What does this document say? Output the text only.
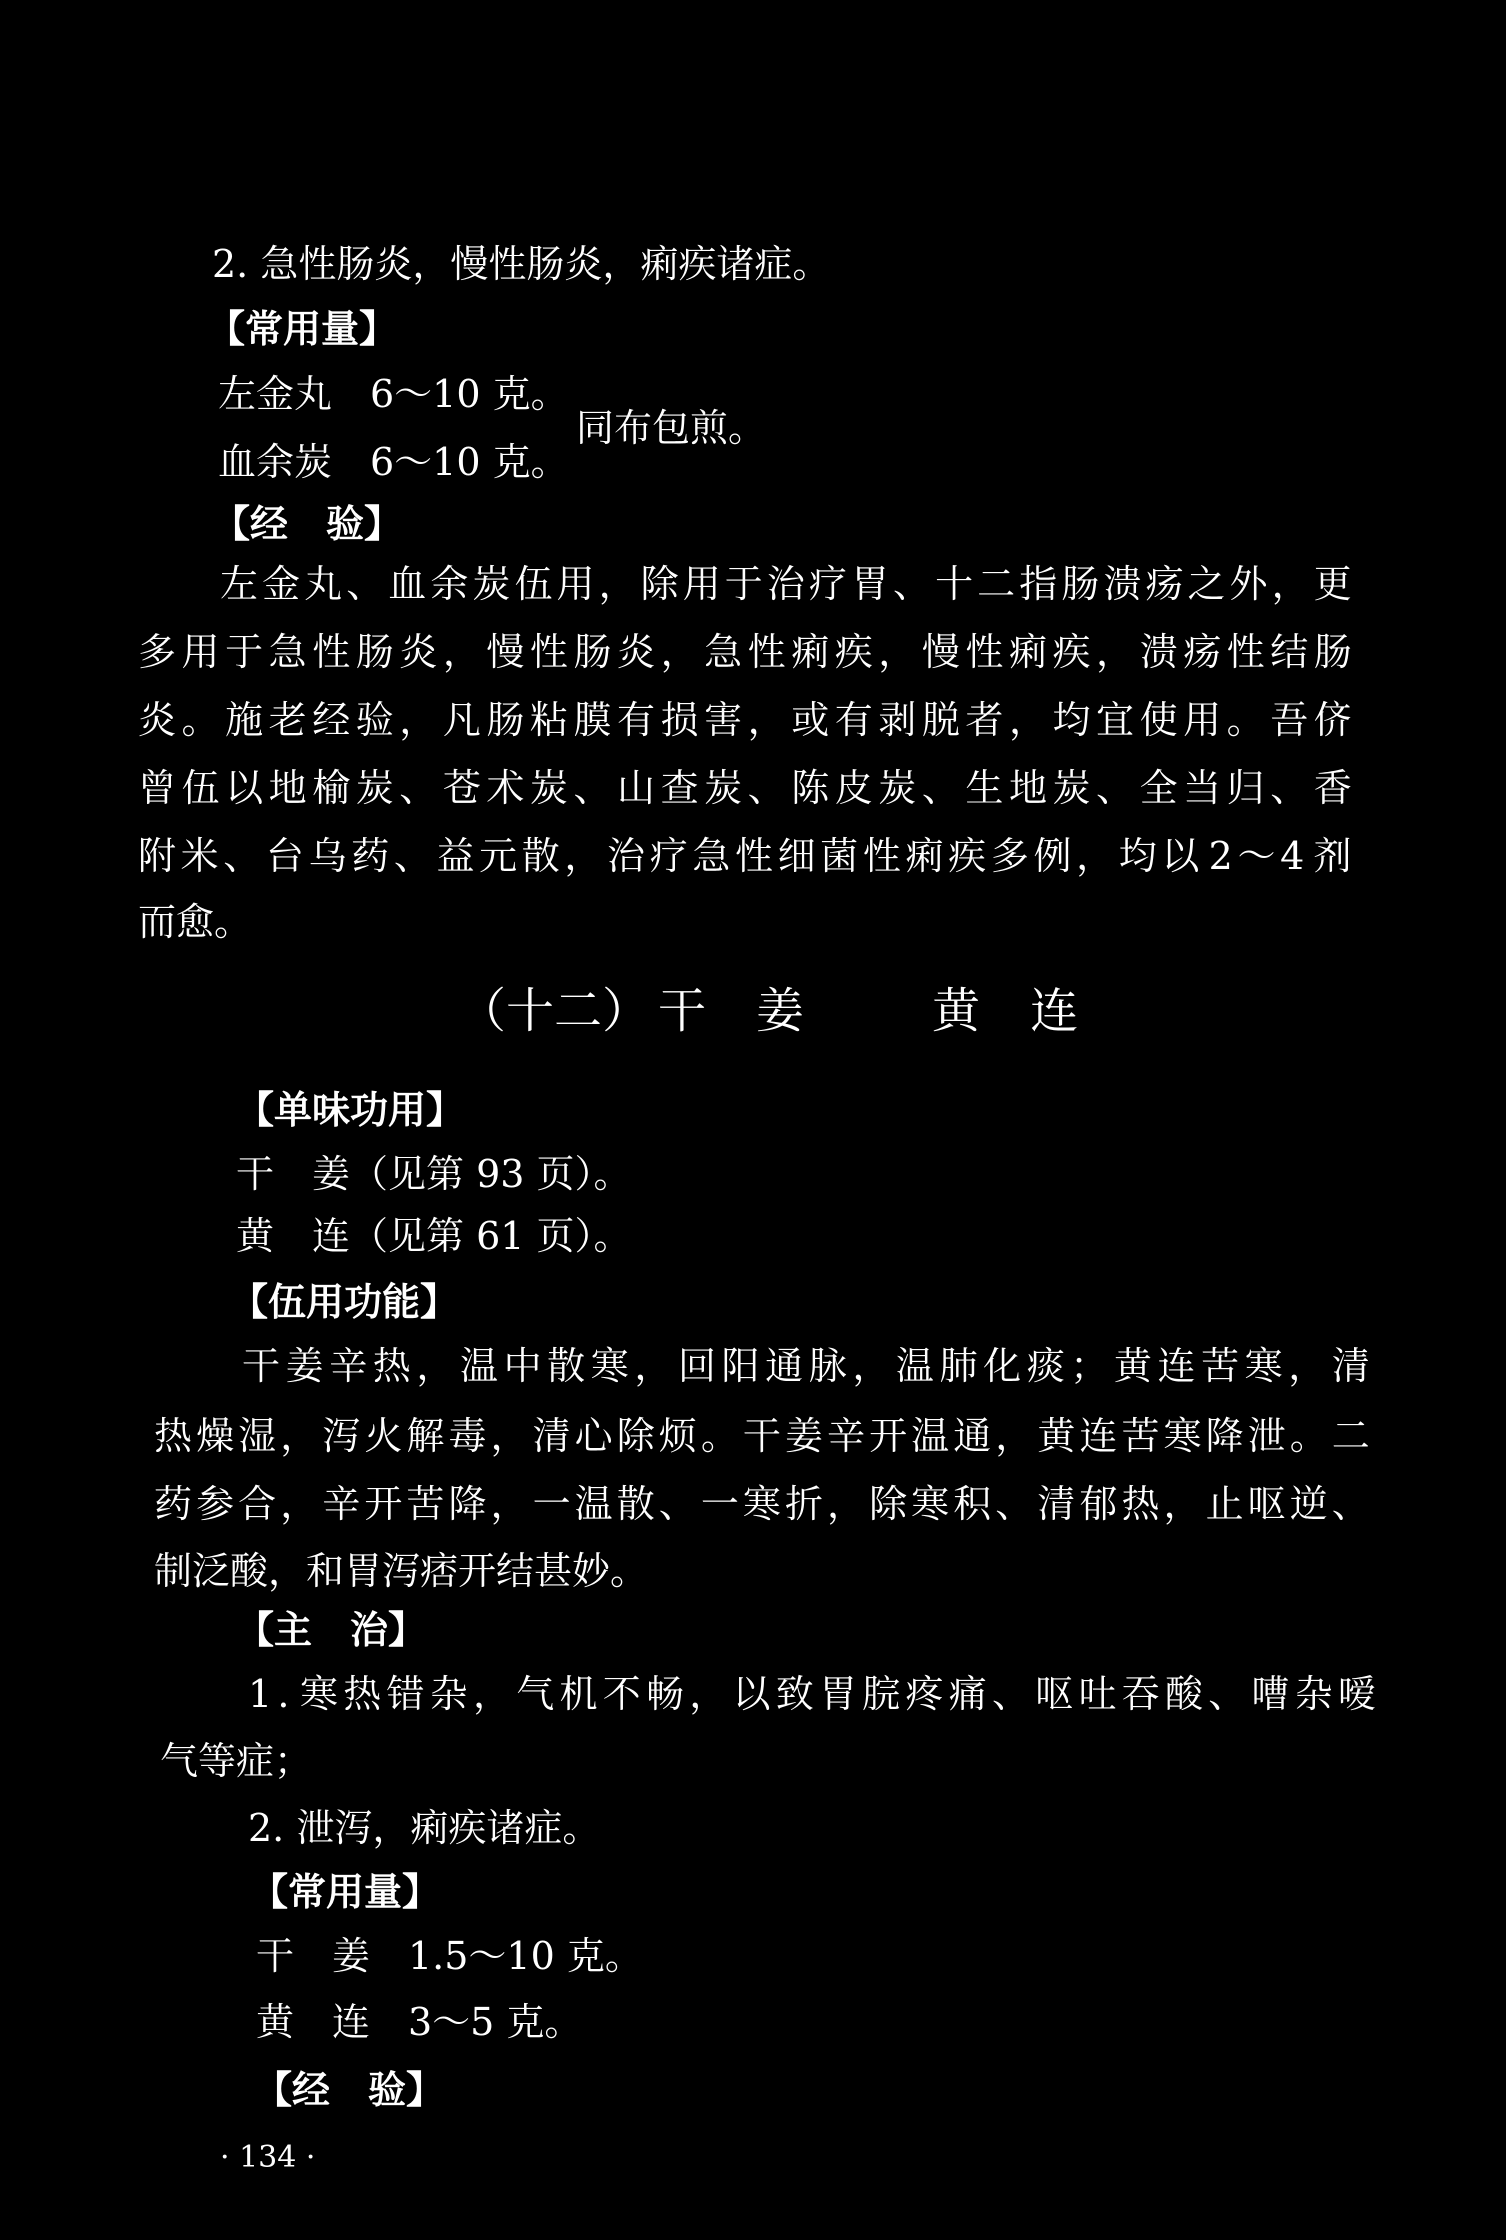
2. 急性肠炎，慢性肠炎，痢疾诸症。
【常用量】
左金丸　6～10 克。
血余炭　6～10 克。
同布包煎。
【经　验】
左 金 丸 、 血 余 炭 伍 用 ， 除 用 于 治 疗 胃 、 十 二 指 肠 溃 疡 之 外 ， 更
多 用 于 急 性 肠 炎 ， 慢 性 肠 炎 ， 急 性 痢 疾 ， 慢 性 痢 疾 ， 溃 疡 性 结 肠
炎 。 施 老 经 验 ， 凡 肠 粘 膜 有 损 害 ， 或 有 剥 脱 者 ， 均 宜 使 用 。 吾 侪
曾 伍 以 地 榆 炭 、 苍 术 炭 、 山 查 炭 、 陈 皮 炭 、 生 地 炭 、 全 当 归 、 香
附 米 、 台 乌 药 、 益 元 散 ， 治 疗 急 性 细 菌 性 痢 疾 多 例 ， 均 以 2 ～ 4 剂
而愈。
（十二） 干 姜	黄 连
【单味功用】
干　姜（见第 93 页）。
黄　连（见第 61 页）。
【伍用功能】
干 姜 辛 热 ， 温 中 散 寒 ， 回 阳 通 脉 ， 温 肺 化 痰 ； 黄 连 苦 寒 ， 清
热 燥 湿 ， 泻 火 解 毒 ， 清 心 除 烦 。 干 姜 辛 开 温 通 ， 黄 连 苦 寒 降 泄 。 二
药 参 合 ， 辛 开 苦 降 ， 一 温 散 、 一 寒 折 ， 除 寒 积 、 清 郁 热 ， 止 呕 逆 、
制泛酸，和胃泻痞开结甚妙。
【主　治】
1 . 寒 热 错 杂 ， 气 机 不 畅 ， 以 致 胃 脘 疼 痛 、 呕 吐 吞 酸 、 嘈 杂 嗳
气等症；
2. 泄泻，痢疾诸症。
【常用量】
干　姜　1.5～10 克。
黄　连　3～5 克。
【经　验】
· 134 ·
